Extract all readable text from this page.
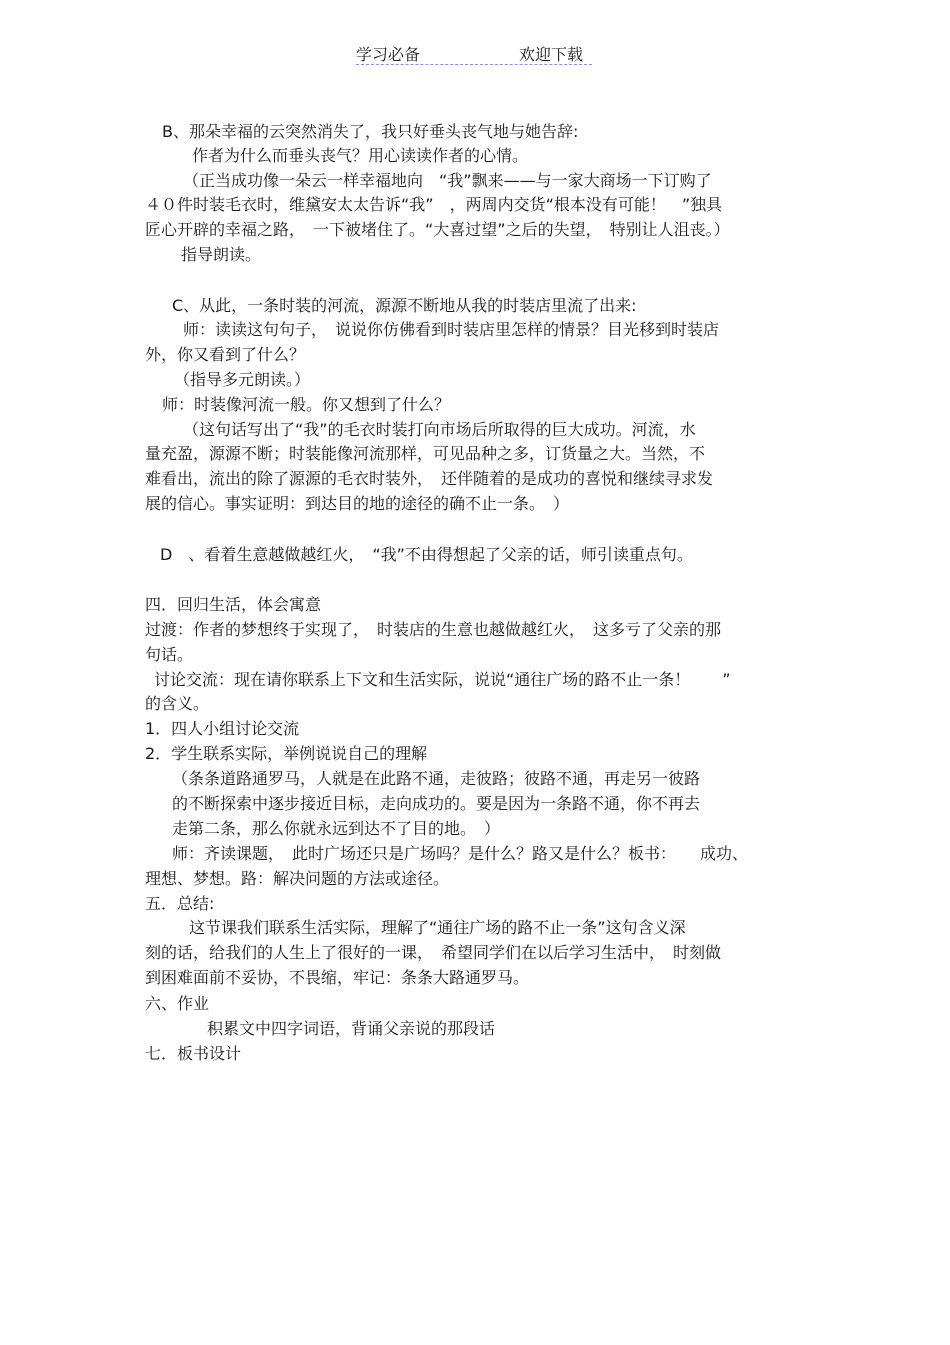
学习必备	欢迎下载
B、那朵幸福的云突然消失了，我只好垂头丧气地与她告辞:
作者为什么而垂头丧气？用心读读作者的心情。
（正当成功像一朵云一样幸福地向　“我”飘来——与一家大商场一下订购了
４０件时装毛衣时，维黛安太太告诉“我”　，两周内交货“根本没有可能！　”独具
匠心开辟的幸福之路，　一下被堵住了。“大喜过望”之后的失望，　特别让人沮丧。）
指导朗读。
C、从此，一条时装的河流，源源不断地从我的时装店里流了出来:
师：读读这句句子，　说说你仿佛看到时装店里怎样的情景？目光移到时装店
外，你又看到了什么？
（指导多元朗读。）
师：时装像河流一般。你又想到了什么？
（这句话写出了“我”的毛衣时装打向市场后所取得的巨大成功。河流，水
量充盈，源源不断；时装能像河流那样，可见品种之多，订货量之大。当然，不
难看出，流出的除了源源的毛衣时装外，　还伴随着的是成功的喜悦和继续寻求发
展的信心。事实证明：到达目的地的途径的确不止一条。　）
D　、看着生意越做越红火，　“我”不由得想起了父亲的话，师引读重点句。
四．回归生活，体会寓意
过渡：作者的梦想终于实现了，　时装店的生意也越做越红火，　这多亏了父亲的那
句话。
讨论交流：现在请你联系上下文和生活实际，说说“通往广场的路不止一条！　　”
的含义。
1．四人小组讨论交流
2．学生联系实际，举例说说自己的理解
（条条道路通罗马，人就是在此路不通，走彼路；彼路不通，再走另一彼路
的不断探索中逐步接近目标，走向成功的。要是因为一条路不通，你不再去
走第二条，那么你就永远到达不了目的地。　）
师：齐读课题，　此时广场还只是广场吗？是什么？路又是什么？板书：　　成功、
理想、梦想。路：解决问题的方法或途径。
五．总结:
这节课我们联系生活实际，理解了“通往广场的路不止一条”这句含义深
刻的话，给我们的人生上了很好的一课，　希望同学们在以后学习生活中，　时刻做
到困难面前不妥协，不畏缩，牢记：条条大路通罗马。
六、作业
积累文中四字词语，背诵父亲说的那段话
七．板书设计
